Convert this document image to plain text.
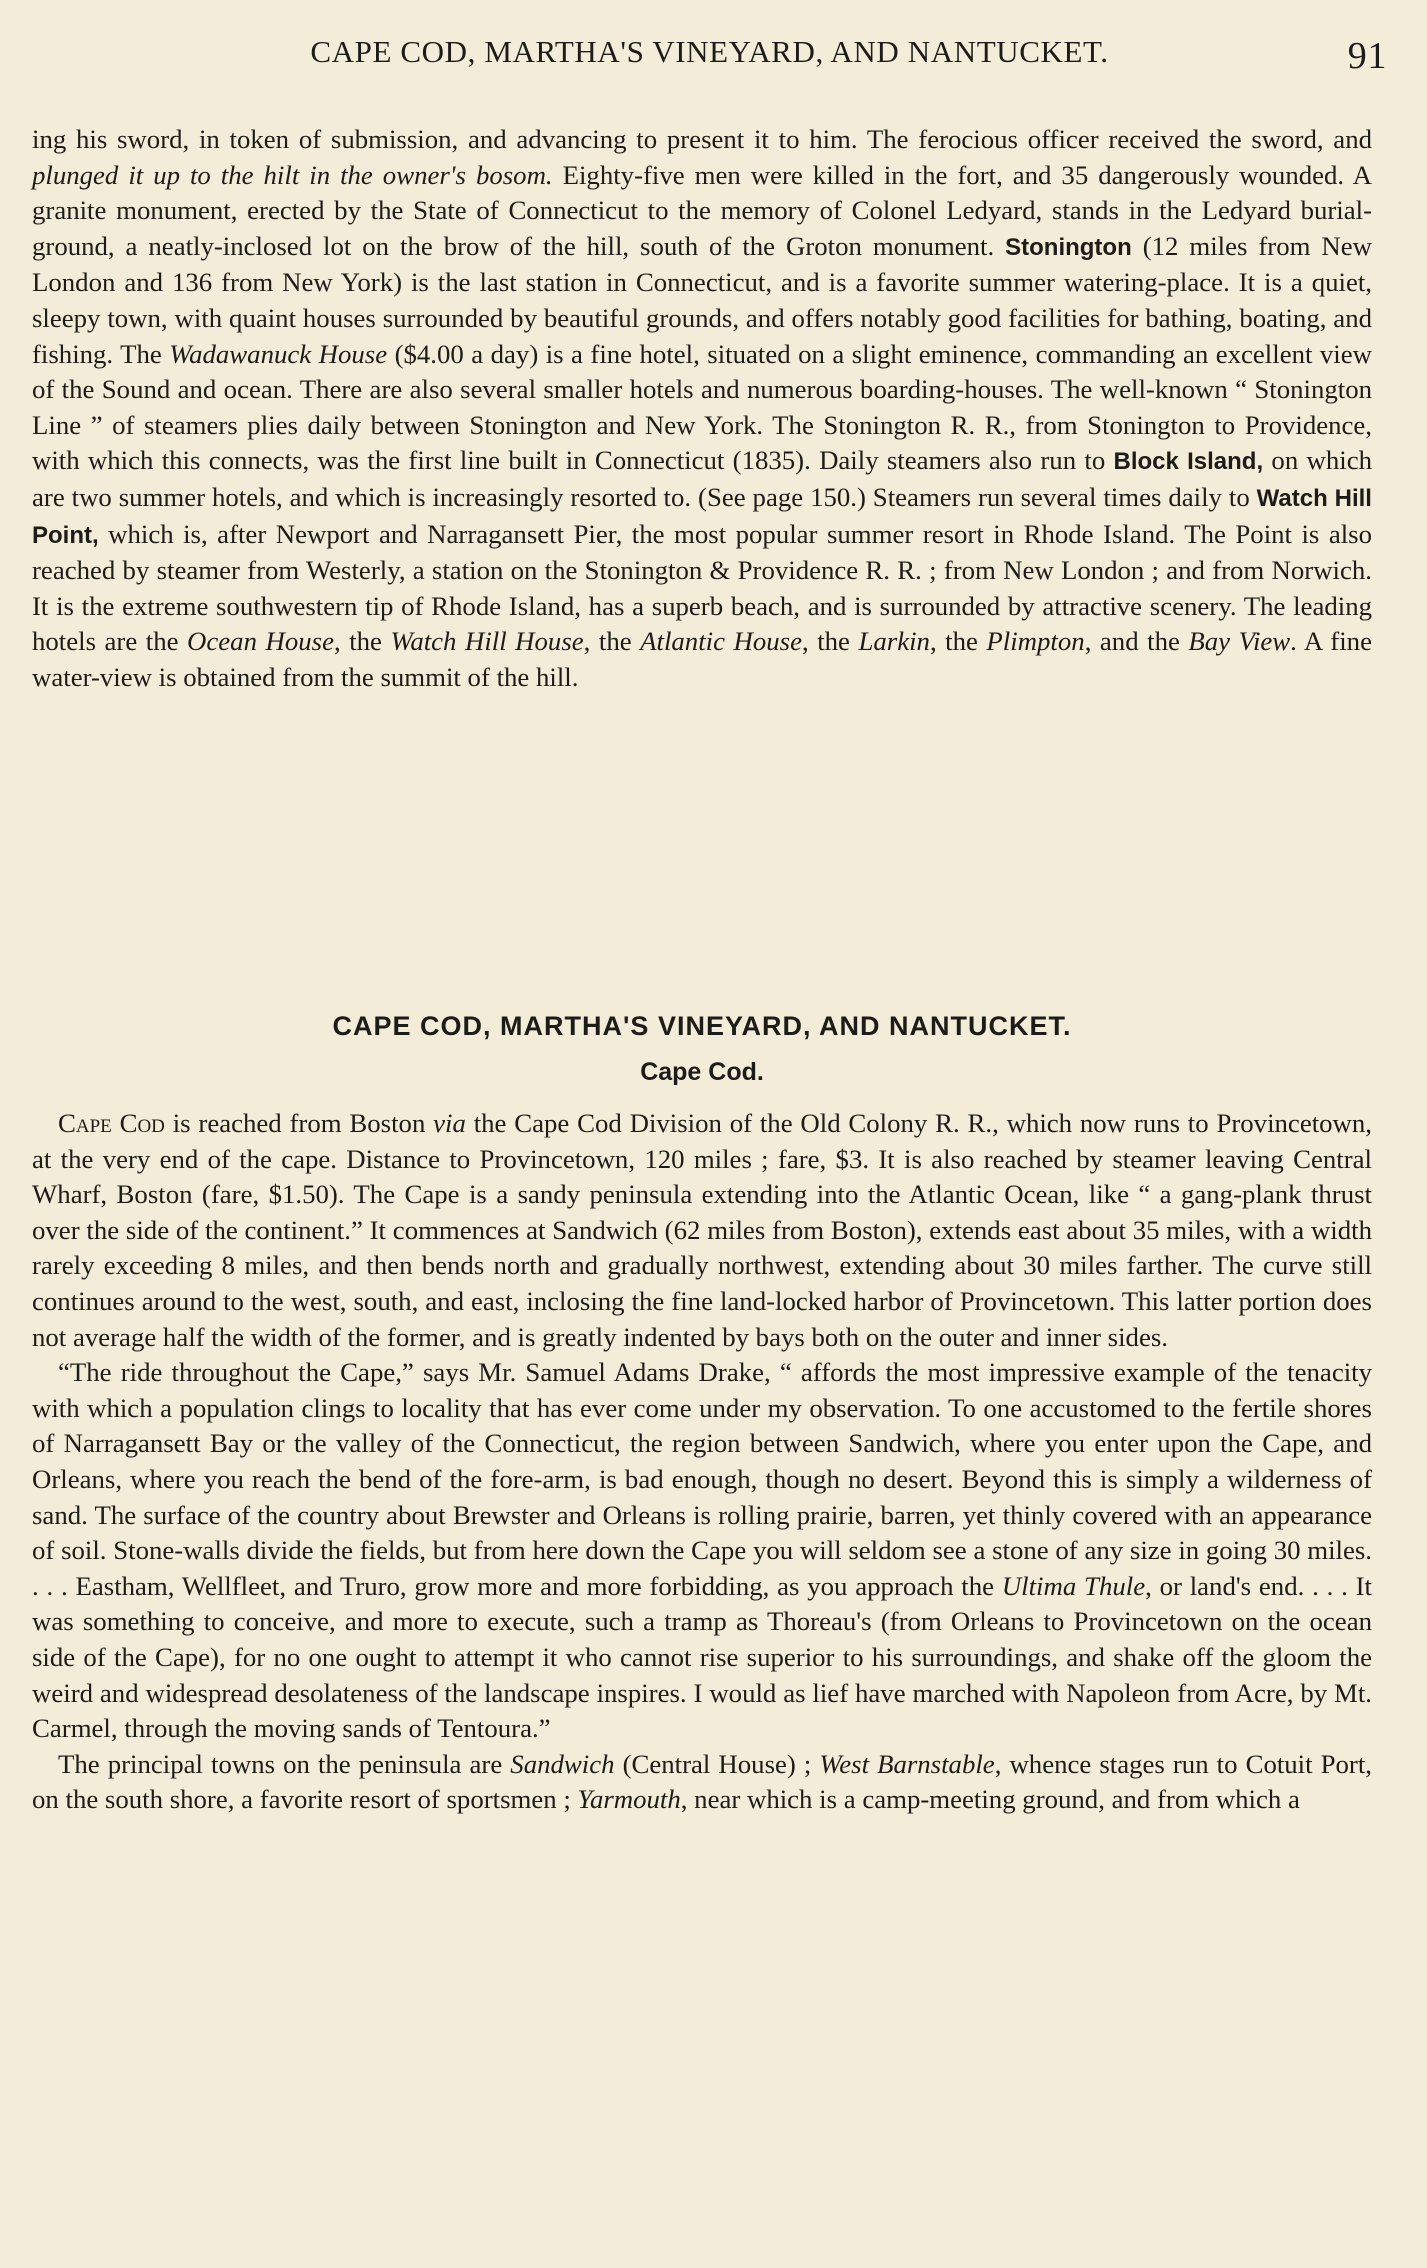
CAPE COD, MARTHA'S VINEYARD, AND NANTUCKET.	91

ing his sword, in token of submission, and advancing to present it to him. The ferocious officer received the sword, and plunged it up to the hilt in the owner's bosom. Eighty-five men were killed in the fort, and 35 dangerously wounded. A granite monument, erected by the State of Connecticut to the memory of Colonel Ledyard, stands in the Ledyard burial-ground, a neatly-inclosed lot on the brow of the hill, south of the Groton monument. Stonington (12 miles from New London and 136 from New York) is the last station in Connecticut, and is a favorite summer watering-place. It is a quiet, sleepy town, with quaint houses surrounded by beautiful grounds, and offers notably good facilities for bathing, boating, and fishing. The Wadawanuck House ($4.00 a day) is a fine hotel, situated on a slight eminence, commanding an excellent view of the Sound and ocean. There are also several smaller hotels and numerous boarding-houses. The well-known “ Stonington Line ” of steamers plies daily between Stonington and New York. The Stonington R. R., from Stonington to Providence, with which this connects, was the first line built in Connecticut (1835). Daily steamers also run to Block Island, on which are two summer hotels, and which is increasingly resorted to. (See page 150.) Steamers run several times daily to Watch Hill Point, which is, after Newport and Narragansett Pier, the most popular summer resort in Rhode Island. The Point is also reached by steamer from Westerly, a station on the Stonington & Providence R. R. ; from New London ; and from Norwich. It is the extreme southwestern tip of Rhode Island, has a superb beach, and is surrounded by attractive scenery. The leading hotels are the Ocean House, the Watch Hill House, the Atlantic House, the Larkin, the Plimpton, and the Bay View. A fine water-view is obtained from the summit of the hill.

CAPE COD, MARTHA'S VINEYARD, AND NANTUCKET.
Cape Cod.

Cape Cod is reached from Boston via the Cape Cod Division of the Old Colony R. R., which now runs to Provincetown, at the very end of the cape. Distance to Provincetown, 120 miles ; fare, $3. It is also reached by steamer leaving Central Wharf, Boston (fare, $1.50). The Cape is a sandy peninsula extending into the Atlantic Ocean, like “ a gang-plank thrust over the side of the continent.” It commences at Sandwich (62 miles from Boston), extends east about 35 miles, with a width rarely exceeding 8 miles, and then bends north and gradually northwest, extending about 30 miles farther. The curve still continues around to the west, south, and east, inclosing the fine land-locked harbor of Provincetown. This latter portion does not average half the width of the former, and is greatly indented by bays both on the outer and inner sides.

“The ride throughout the Cape,” says Mr. Samuel Adams Drake, “ affords the most impressive example of the tenacity with which a population clings to locality that has ever come under my observation. To one accustomed to the fertile shores of Narragansett Bay or the valley of the Connecticut, the region between Sandwich, where you enter upon the Cape, and Orleans, where you reach the bend of the fore-arm, is bad enough, though no desert. Beyond this is simply a wilderness of sand. The surface of the country about Brewster and Orleans is rolling prairie, barren, yet thinly covered with an appearance of soil. Stone-walls divide the fields, but from here down the Cape you will seldom see a stone of any size in going 30 miles. . . . Eastham, Wellfleet, and Truro, grow more and more forbidding, as you approach the Ultima Thule, or land's end. . . . It was something to conceive, and more to execute, such a tramp as Thoreau's (from Orleans to Provincetown on the ocean side of the Cape), for no one ought to attempt it who cannot rise superior to his surroundings, and shake off the gloom the weird and widespread desolateness of the landscape inspires. I would as lief have marched with Napoleon from Acre, by Mt. Carmel, through the moving sands of Tentoura.”

The principal towns on the peninsula are Sandwich (Central House) ; West Barnstable, whence stages run to Cotuit Port, on the south shore, a favorite resort of sportsmen ; Yarmouth, near which is a camp-meeting ground, and from which a
